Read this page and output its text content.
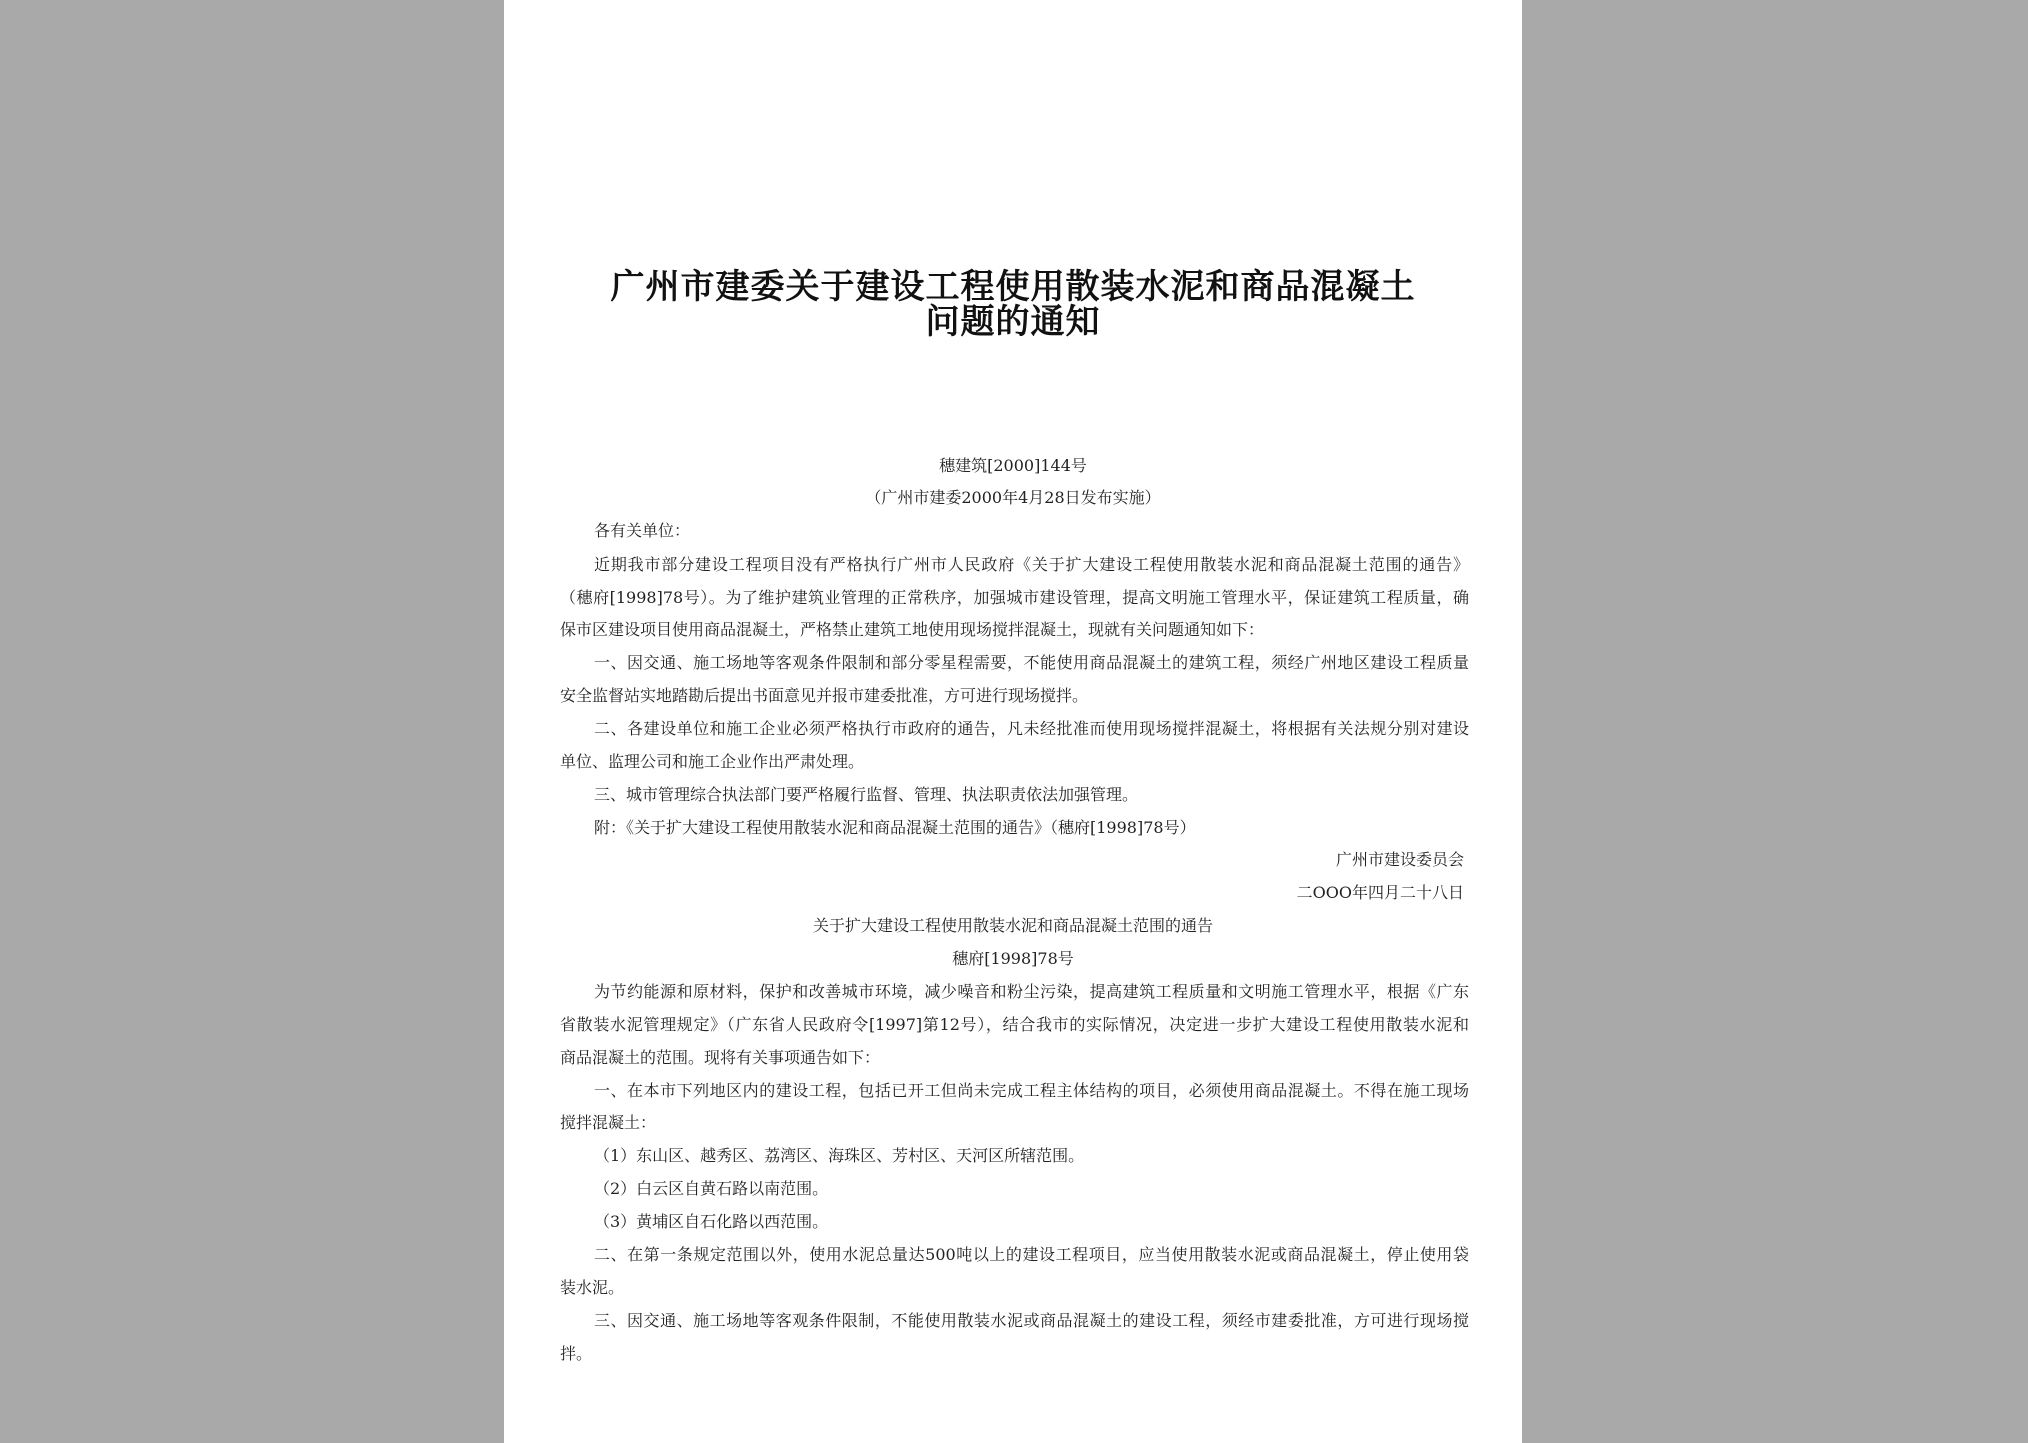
广州市建委关于建设工程使用散装水泥和商品混凝土
问题的通知
穗建筑[2000]144号
（广州市建委2000年4月28日发布实施）
各有关单位：
近期我市部分建设工程项目没有严格执行广州市人民政府《关于扩大建设工程使用散装水泥和商品混凝土范围的通告》
（穗府[1998]78号）。为了维护建筑业管理的正常秩序，加强城市建设管理，提高文明施工管理水平，保证建筑工程质量，确
保市区建设项目使用商品混凝土，严格禁止建筑工地使用现场搅拌混凝土，现就有关问题通知如下：
一、因交通、施工场地等客观条件限制和部分零星程需要，不能使用商品混凝土的建筑工程，须经广州地区建设工程质量
安全监督站实地踏勘后提出书面意见并报市建委批准，方可进行现场搅拌。
二、各建设单位和施工企业必须严格执行市政府的通告，凡未经批准而使用现场搅拌混凝土，将根据有关法规分别对建设
单位、监理公司和施工企业作出严肃处理。
三、城市管理综合执法部门要严格履行监督、管理、执法职责依法加强管理。
附：《关于扩大建设工程使用散装水泥和商品混凝土范围的通告》（穗府[1998]78号）
广州市建设委员会
二OOO年四月二十八日
关于扩大建设工程使用散装水泥和商品混凝土范围的通告
穗府[1998]78号
为节约能源和原材料，保护和改善城市环境，减少噪音和粉尘污染，提高建筑工程质量和文明施工管理水平，根据《广东
省散装水泥管理规定》（广东省人民政府令[1997]第12号），结合我市的实际情况，决定进一步扩大建设工程使用散装水泥和
商品混凝土的范围。现将有关事项通告如下：
一、在本市下列地区内的建设工程，包括已开工但尚未完成工程主体结构的项目，必须使用商品混凝土。不得在施工现场
搅拌混凝土：
（1）东山区、越秀区、荔湾区、海珠区、芳村区、天河区所辖范围。
（2）白云区自黄石路以南范围。
（3）黄埔区自石化路以西范围。
二、在第一条规定范围以外，使用水泥总量达500吨以上的建设工程项目，应当使用散装水泥或商品混凝土，停止使用袋
装水泥。
三、因交通、施工场地等客观条件限制，不能使用散装水泥或商品混凝土的建设工程，须经市建委批准，方可进行现场搅
拌。
